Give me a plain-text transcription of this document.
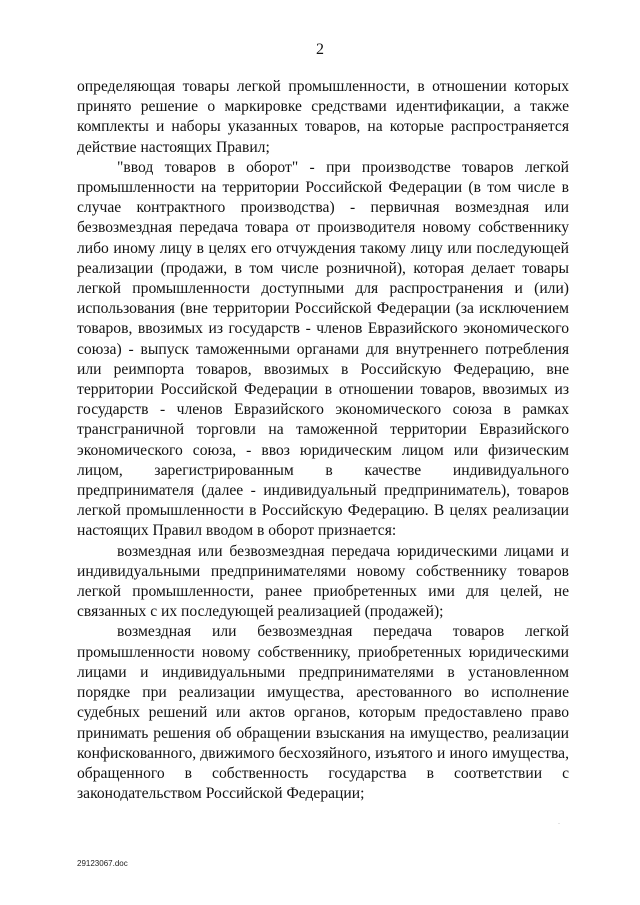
2

определяющая товары легкой промышленности, в отношении которых принято решение о маркировке средствами идентификации, а также комплекты и наборы указанных товаров, на которые распространяется действие настоящих Правил;

"ввод товаров в оборот" - при производстве товаров легкой промышленности на территории Российской Федерации (в том числе в случае контрактного производства) - первичная возмездная или безвозмездная передача товара от производителя новому собственнику либо иному лицу в целях его отчуждения такому лицу или последующей реализации (продажи, в том числе розничной), которая делает товары легкой промышленности доступными для распространения и (или) использования (вне территории Российской Федерации (за исключением товаров, ввозимых из государств - членов Евразийского экономического союза) - выпуск таможенными органами для внутреннего потребления или реимпорта товаров, ввозимых в Российскую Федерацию, вне территории Российской Федерации в отношении товаров, ввозимых из государств - членов Евразийского экономического союза в рамках трансграничной торговли на таможенной территории Евразийского экономического союза, - ввоз юридическим лицом или физическим лицом, зарегистрированным в качестве индивидуального предпринимателя (далее - индивидуальный предприниматель), товаров легкой промышленности в Российскую Федерацию. В целях реализации настоящих Правил вводом в оборот признается:

возмездная или безвозмездная передача юридическими лицами и индивидуальными предпринимателями новому собственнику товаров легкой промышленности, ранее приобретенных ими для целей, не связанных с их последующей реализацией (продажей);

возмездная или безвозмездная передача товаров легкой промышленности новому собственнику, приобретенных юридическими лицами и индивидуальными предпринимателями в установленном порядке при реализации имущества, арестованного во исполнение судебных решений или актов органов, которым предоставлено право принимать решения об обращении взыскания на имущество, реализации конфискованного, движимого бесхозяйного, изъятого и иного имущества, обращенного в собственность государства в соответствии с законодательством Российской Федерации;

.
29123067.doc
